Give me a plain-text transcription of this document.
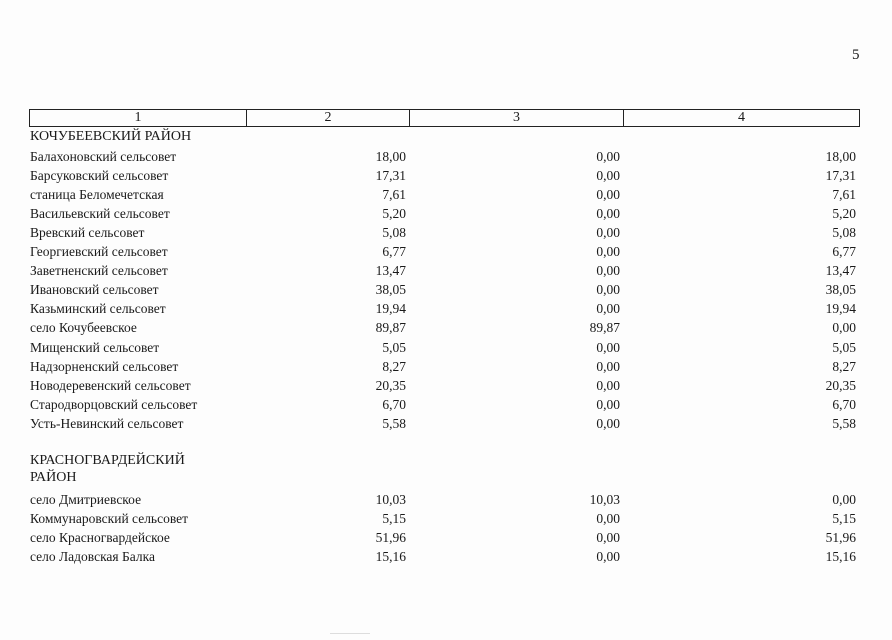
5
1	2	3	4
КОЧУБЕЕВСКИЙ РАЙОН
Балахоновский сельсовет	18,00	0,00	18,00
Барсуковский сельсовет	17,31	0,00	17,31
станица Беломечетская	7,61	0,00	7,61
Васильевский сельсовет	5,20	0,00	5,20
Вревский сельсовет	5,08	0,00	5,08
Георгиевский сельсовет	6,77	0,00	6,77
Заветненский сельсовет	13,47	0,00	13,47
Ивановский сельсовет	38,05	0,00	38,05
Казьминский сельсовет	19,94	0,00	19,94
село Кочубеевское	89,87	89,87	0,00
Мищенский сельсовет	5,05	0,00	5,05
Надзорненский сельсовет	8,27	0,00	8,27
Новодеревенский сельсовет	20,35	0,00	20,35
Стародворцовский сельсовет	6,70	0,00	6,70
Усть-Невинский сельсовет	5,58	0,00	5,58
КРАСНОГВАРДЕЙСКИЙ
РАЙОН
село Дмитриевское	10,03	10,03	0,00
Коммунаровский сельсовет	5,15	0,00	5,15
село Красногвардейское	51,96	0,00	51,96
село Ладовская Балка	15,16	0,00	15,16
